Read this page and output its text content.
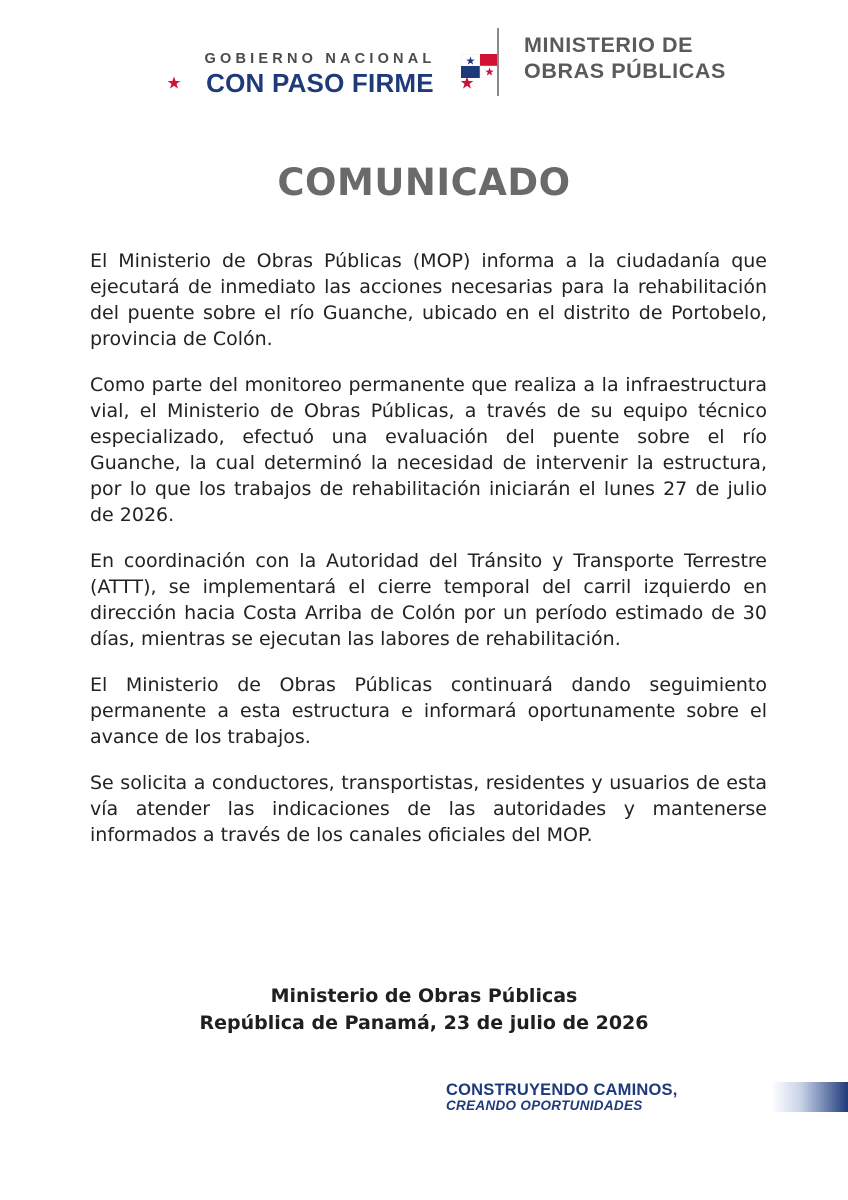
GOBIERNO NACIONAL
CON PASO FIRME
MINISTERIO DE
OBRAS PÚBLICAS
COMUNICADO

El Ministerio de Obras Públicas (MOP) informa a la ciudadanía que ejecutará de inmediato las acciones necesarias para la rehabilitación del puente sobre el río Guanche, ubicado en el distrito de Portobelo, provincia de Colón.

Como parte del monitoreo permanente que realiza a la infraestructura vial, el Ministerio de Obras Públicas, a través de su equipo técnico especializado, efectuó una evaluación del puente sobre el río Guanche, la cual determinó la necesidad de intervenir la estructura, por lo que los trabajos de rehabilitación iniciarán el lunes 27 de julio de 2026.

En coordinación con la Autoridad del Tránsito y Transporte Terrestre (ATTT), se implementará el cierre temporal del carril izquierdo en dirección hacia Costa Arriba de Colón por un período estimado de 30 días, mientras se ejecutan las labores de rehabilitación.

El Ministerio de Obras Públicas continuará dando seguimiento permanente a esta estructura e informará oportunamente sobre el avance de los trabajos.

Se solicita a conductores, transportistas, residentes y usuarios de esta vía atender las indicaciones de las autoridades y mantenerse informados a través de los canales oficiales del MOP.

Ministerio de Obras Públicas
República de Panamá, 23 de julio de 2026
CONSTRUYENDO CAMINOS,
CREANDO OPORTUNIDADES
